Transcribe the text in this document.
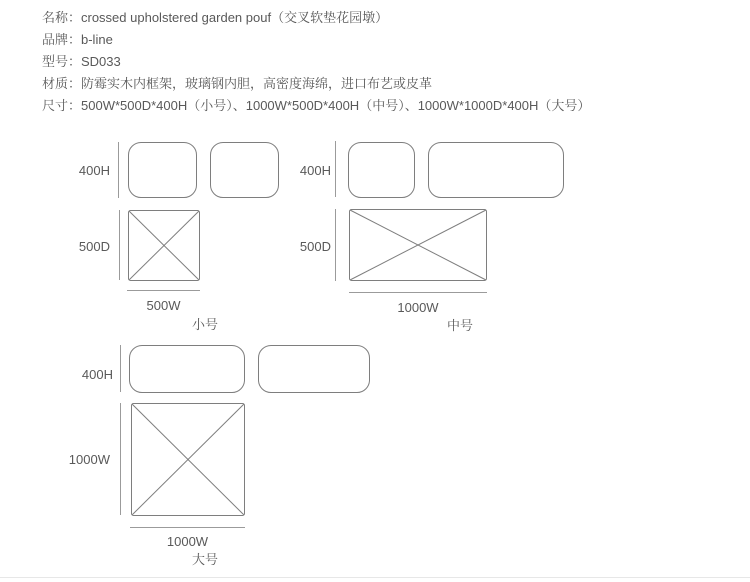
名称：crossed upholstered garden pouf（交叉软垫花园墩）
品牌：b-line
型号：SD033
材质：防霉实木内框架，玻璃钢内胆，高密度海绵，进口布艺或皮革
尺寸：500W*500D*400H（小号）、1000W*500D*400H（中号）、1000W*1000D*400H（大号）
400H
500D
500W
小号
400H
500D
1000W
中号
400H
1000W
1000W
大号
